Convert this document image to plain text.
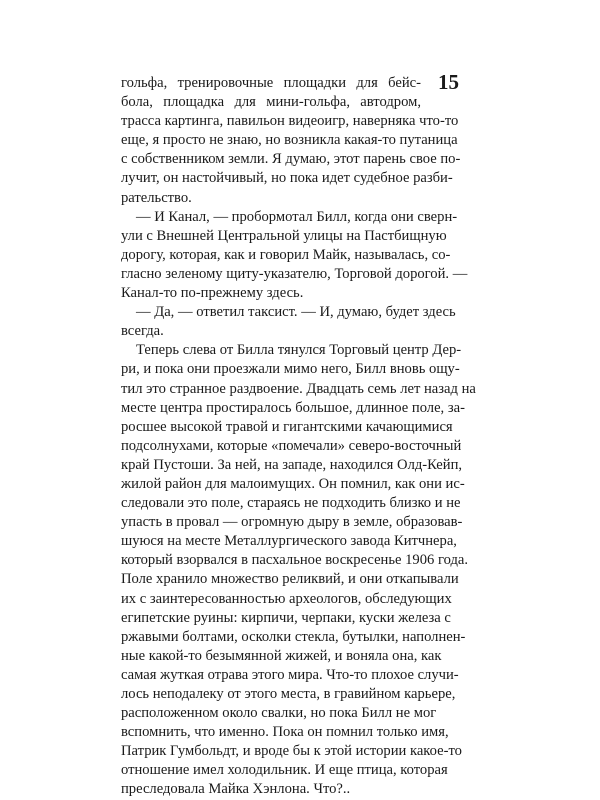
15
гольфа, тренировочные площадки для бейс-
бола, площадка для мини-гольфа, автодром,
трасса картинга, павильон видеоигр, наверняка что-то
еще, я просто не знаю, но возникла какая-то путаница
с собственником земли. Я думаю, этот парень свое по-
лучит, он настойчивый, но пока идет судебное разби-
рательство.
— И Канал, — пробормотал Билл, когда они сверн-
ули с Внешней Центральной улицы на Пастбищную
дорогу, которая, как и говорил Майк, называлась, со-
гласно зеленому щиту-указателю, Торговой дорогой. —
Канал-то по-прежнему здесь.
— Да, — ответил таксист. — И, думаю, будет здесь
всегда.
Теперь слева от Билла тянулся Торговый центр Дер-
ри, и пока они проезжали мимо него, Билл вновь ощу-
тил это странное раздвоение. Двадцать семь лет назад на
месте центра простиралось большое, длинное поле, за-
росшее высокой травой и гигантскими качающимися
подсолнухами, которые «помечали» северо-восточный
край Пустоши. За ней, на западе, находился Олд-Кейп,
жилой район для малоимущих. Он помнил, как они ис-
следовали это поле, стараясь не подходить близко и не
упасть в провал — огромную дыру в земле, образовав-
шуюся на месте Металлургического завода Китчнера,
который взорвался в пасхальное воскресенье 1906 года.
Поле хранило множество реликвий, и они откапывали
их с заинтересованностью археологов, обследующих
египетские руины: кирпичи, черпаки, куски железа с
ржавыми болтами, осколки стекла, бутылки, наполнен-
ные какой-то безымянной жижей, и воняла она, как
самая жуткая отрава этого мира. Что-то плохое случи-
лось неподалеку от этого места, в гравийном карьере,
расположенном около свалки, но пока Билл не мог
вспомнить, что именно. Пока он помнил только имя,
Патрик Гумбольдт, и вроде бы к этой истории какое-то
отношение имел холодильник. И еще птица, которая
преследовала Майка Хэнлона. Что?..
